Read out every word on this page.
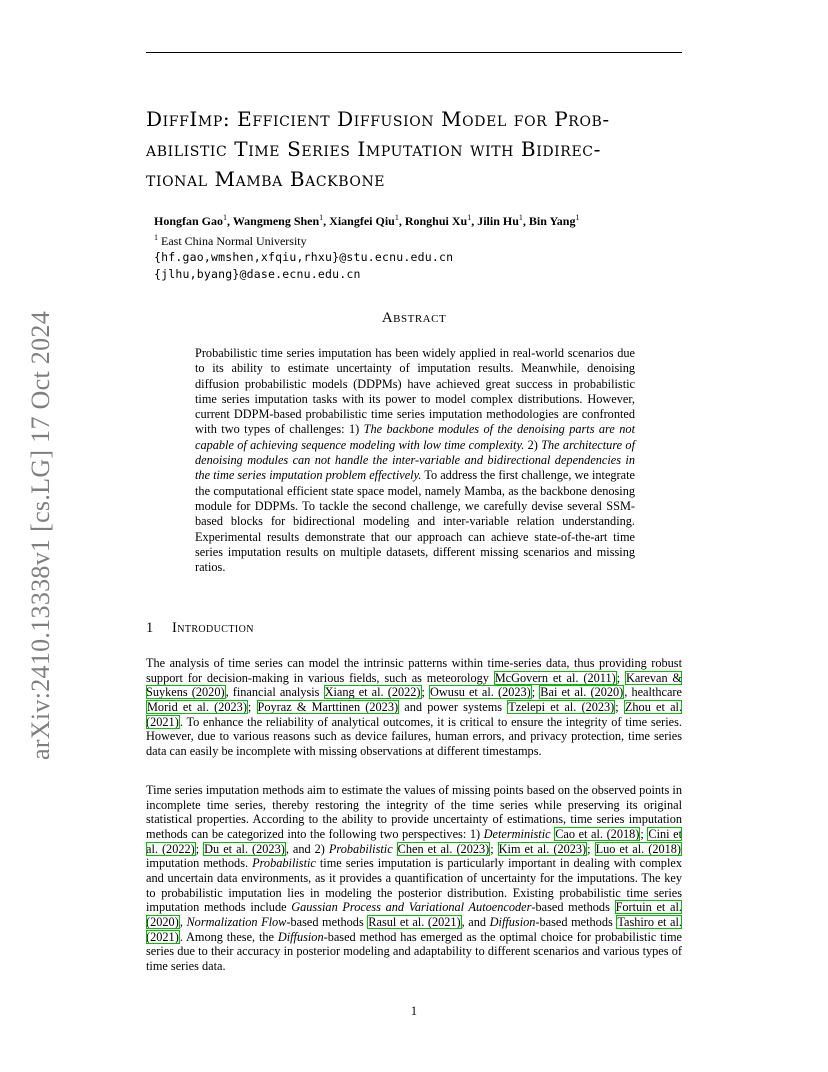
DiffImp: Efficient Diffusion Model for Prob-
abilistic Time Series Imputation with Bidirec-
tional Mamba Backbone
Hongfan Gao$^1$, Wangmeng Shen$^1$, Xiangfei Qiu$^1$, Ronghui Xu$^1$, Jilin Hu$^1$, Bin Yang$^1$
$^1$ East China Normal University
{hf.gao,wmshen,xfqiu,rhxu}@stu.ecnu.edu.cn
{jlhu,byang}@dase.ecnu.edu.cn
arXiv:2410.13338v1 [cs.LG] 17 Oct 2024	Abstract
Probabilistic time series imputation has been widely applied in real-world scenarios due to its ability to estimate uncertainty of imputation results. Meanwhile, denoising diffusion probabilistic models (DDPMs) have achieved great success in probabilistic time series imputation tasks with its power to model complex distributions. However, current DDPM-based probabilistic time series imputation methodologies are confronted with two types of challenges: 1) The backbone modules of the denoising parts are not capable of achieving sequence modeling with low time complexity. 2) The architecture of denoising modules can not handle the inter-variable and bidirectional dependencies in the time series imputation problem effectively. To address the first challenge, we integrate the computational efficient state space model, namely Mamba, as the backbone denosing module for DDPMs. To tackle the second challenge, we carefully devise several SSM-based blocks for bidirectional modeling and inter-variable relation understanding. Experimental results demonstrate that our approach can achieve state-of-the-art time series imputation results on multiple datasets, different missing scenarios and missing ratios.
1 Introduction
The analysis of time series can model the intrinsic patterns within time-series data, thus providing robust support for decision-making in various fields, such as meteorology McGovern et al. (2011); Karevan & Suykens (2020), financial analysis Xiang et al. (2022); Owusu et al. (2023); Bai et al. (2020), healthcare Morid et al. (2023); Poyraz & Marttinen (2023) and power systems Tzelepi et al. (2023); Zhou et al. (2021). To enhance the reliability of analytical outcomes, it is critical to ensure the integrity of time series. However, due to various reasons such as device failures, human errors, and privacy protection, time series data can easily be incomplete with missing observations at different timestamps.
Time series imputation methods aim to estimate the values of missing points based on the observed points in incomplete time series, thereby restoring the integrity of the time series while preserving its original statistical properties. According to the ability to provide uncertainty of estimations, time series imputation methods can be categorized into the following two perspectives: 1) Deterministic Cao et al. (2018); Cini et al. (2022); Du et al. (2023), and 2) Probabilistic Chen et al. (2023); Kim et al. (2023); Luo et al. (2018) imputation methods. Probabilistic time series imputation is particularly important in dealing with complex and uncertain data environments, as it provides a quantification of uncertainty for the imputations. The key to probabilistic imputation lies in modeling the posterior distribution. Existing probabilistic time series imputation methods include Gaussian Process and Variational Autoencoder-based methods Fortuin et al. (2020), Normalization Flow-based methods Rasul et al. (2021), and Diffusion-based methods Tashiro et al. (2021). Among these, the Diffusion-based method has emerged as the optimal choice for probabilistic time series due to their accuracy in posterior modeling and adaptability to different scenarios and various types of time series data.
1
